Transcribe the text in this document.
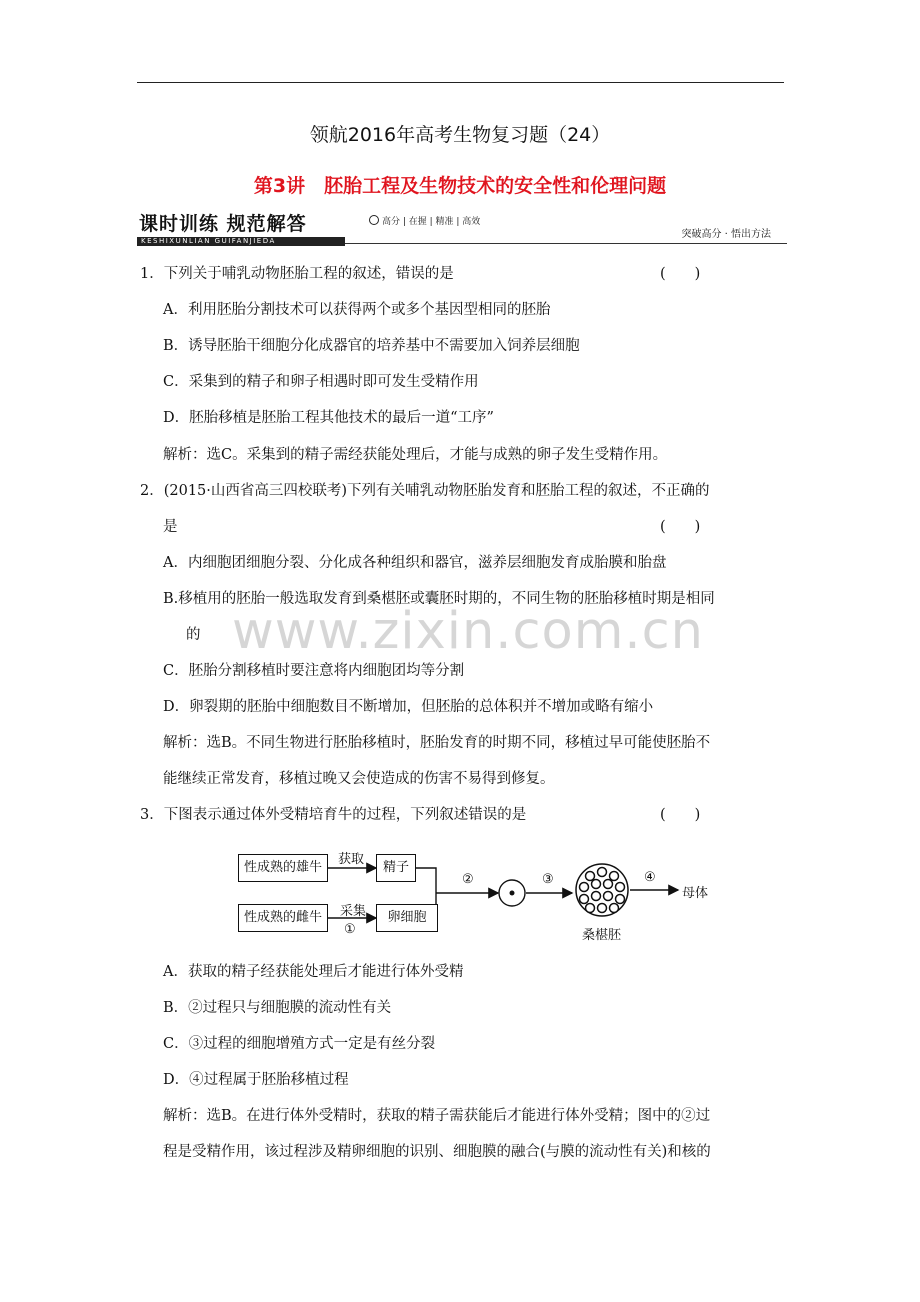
领航2016年高考生物复习题（24）
第3讲　胚胎工程及生物技术的安全性和伦理问题
课时训练 规范解答
KESHIXUNLIAN GUIFANJIEDA
高分 | 在握 | 精准 | 高效
突破高分 · 悟出方法
1．下列关于哺乳动物胚胎工程的叙述，错误的是	(　　)
A．利用胚胎分割技术可以获得两个或多个基因型相同的胚胎
B．诱导胚胎干细胞分化成器官的培养基中不需要加入饲养层细胞
C．采集到的精子和卵子相遇时即可发生受精作用
D．胚胎移植是胚胎工程其他技术的最后一道“工序”
解析：选C。采集到的精子需经获能处理后，才能与成熟的卵子发生受精作用。
2．(2015·山西省高三四校联考)下列有关哺乳动物胚胎发育和胚胎工程的叙述，不正确的
是	(　　)
A．内细胞团细胞分裂、分化成各种组织和器官，滋养层细胞发育成胎膜和胎盘
B.移植用的胚胎一般选取发育到桑椹胚或囊胚时期的，不同生物的胚胎移植时期是相同
的
C．胚胎分割移植时要注意将内细胞团均等分割
D．卵裂期的胚胎中细胞数目不断增加，但胚胎的总体积并不增加或略有缩小
解析：选B。不同生物进行胚胎移植时，胚胎发育的时期不同，移植过早可能使胚胎不
能继续正常发育，移植过晚又会使造成的伤害不易得到修复。
3．下图表示通过体外受精培育牛的过程，下列叙述错误的是	(　　)
性成熟的雄牛
性成熟的雌牛
精子
卵细胞
获取
采集
①
②	③	④
桑椹胚
母体
A．获取的精子经获能处理后才能进行体外受精
B．②过程只与细胞膜的流动性有关
C．③过程的细胞增殖方式一定是有丝分裂
D．④过程属于胚胎移植过程
解析：选B。在进行体外受精时，获取的精子需获能后才能进行体外受精；图中的②过
程是受精作用，该过程涉及精卵细胞的识别、细胞膜的融合(与膜的流动性有关)和核的
www.zixin.com.cn
